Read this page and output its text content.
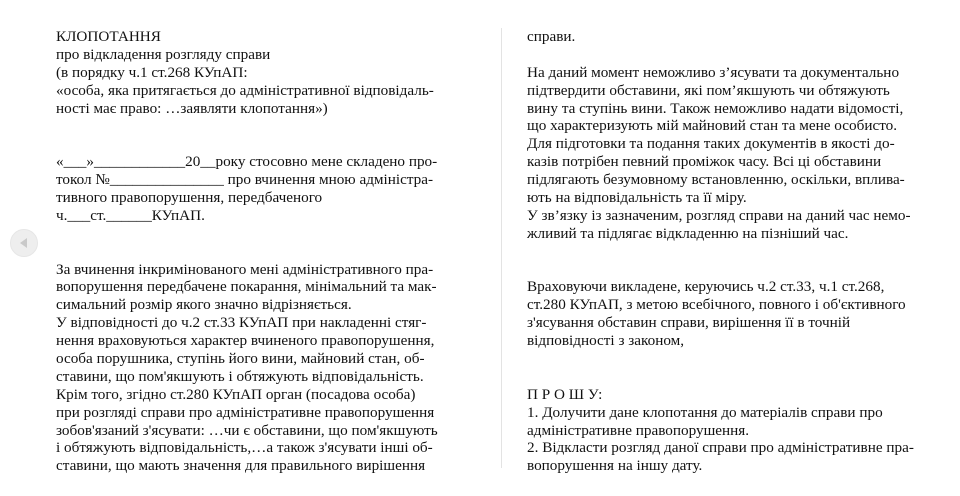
КЛОПОТАННЯ
про відкладення розгляду справи
(в порядку ч.1 ст.268 КУпАП:
«особа, яка притягається до адміністративної відповідаль-
ності має право: …заявляти клопотання»)
«___»____________20__року стосовно мене складено про-
токол №_______________ про вчинення мною адміністра-
тивного правопорушення, передбаченого
ч.___ст.______КУпАП.
За вчинення інкримінованого мені адміністративного пра-
вопорушення передбачене покарання, мінімальний та мак-
симальний розмір якого значно відрізняється.
У відповідності до ч.2 ст.33 КУпАП при накладенні стяг-
нення враховуються характер вчиненого правопорушення,
особа порушника, ступінь його вини, майновий стан, об-
ставини, що пом'якшують і обтяжують відповідальність.
Крім того, згідно ст.280 КУпАП орган (посадова особа)
при розгляді справи про адміністративне правопорушення
зобов'язаний з'ясувати: …чи є обставини, що пом'якшують
і обтяжують відповідальність,…а також з'ясувати інші об-
ставини, що мають значення для правильного вирішення
справи.
На даний момент неможливо з’ясувати та документально
підтвердити обставини, які пом’якшують чи обтяжують
вину та ступінь вини. Також неможливо надати відомості,
що характеризують мій майновий стан та мене особисто.
Для підготовки та подання таких документів в якості до-
казів потрібен певний проміжок часу. Всі ці обставини
підлягають безумовному встановленню, оскільки, вплива-
ють на відповідальність та її міру.
У зв’язку із зазначеним, розгляд справи на даний час немо-
жливий та підлягає відкладенню на пізніший час.
Враховуючи викладене, керуючись ч.2 ст.33, ч.1 ст.268,
ст.280 КУпАП, з метою всебічного, повного і об'єктивного
з'ясування обставин справи, вирішення її в точній
відповідності з законом,
П Р О Ш У:
1. Долучити дане клопотання до матеріалів справи про
адміністративне правопорушення.
2. Відкласти розгляд даної справи про адміністративне пра-
вопорушення на іншу дату.
